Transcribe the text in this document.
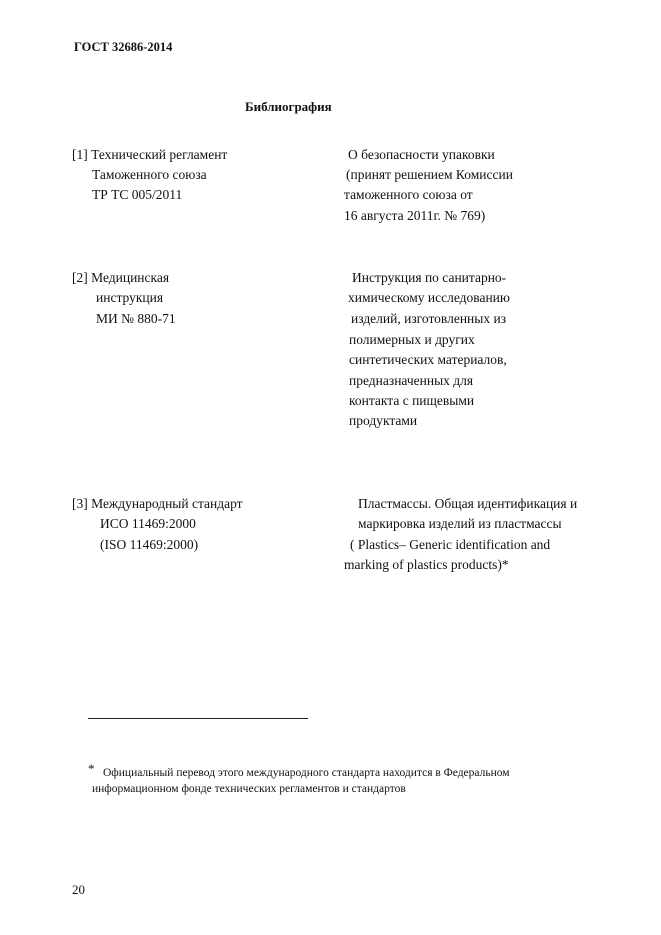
ГОСТ 32686-2014
Библиография
[1] Технический регламент
Таможенного союза
ТР ТС 005/2011
О безопасности упаковки
(принят решением Комиссии
таможенного союза от
16 августа 2011г. № 769)
[2] Медицинская
инструкция
МИ № 880-71
Инструкция по санитарно-
химическому исследованию
изделий, изготовленных из
полимерных и других
синтетических материалов,
предназначенных для
контакта с пищевыми
продуктами
[3] Международный стандарт
ИСО 11469:2000
(ISO 11469:2000)
Пластмассы. Общая идентификация и
маркировка изделий из пластмассы
( Plastics– Generic identification and
marking of plastics products)*
* Официальный перевод этого международного стандарта находится в Федеральном
информационном фонде технических регламентов и стандартов
20
